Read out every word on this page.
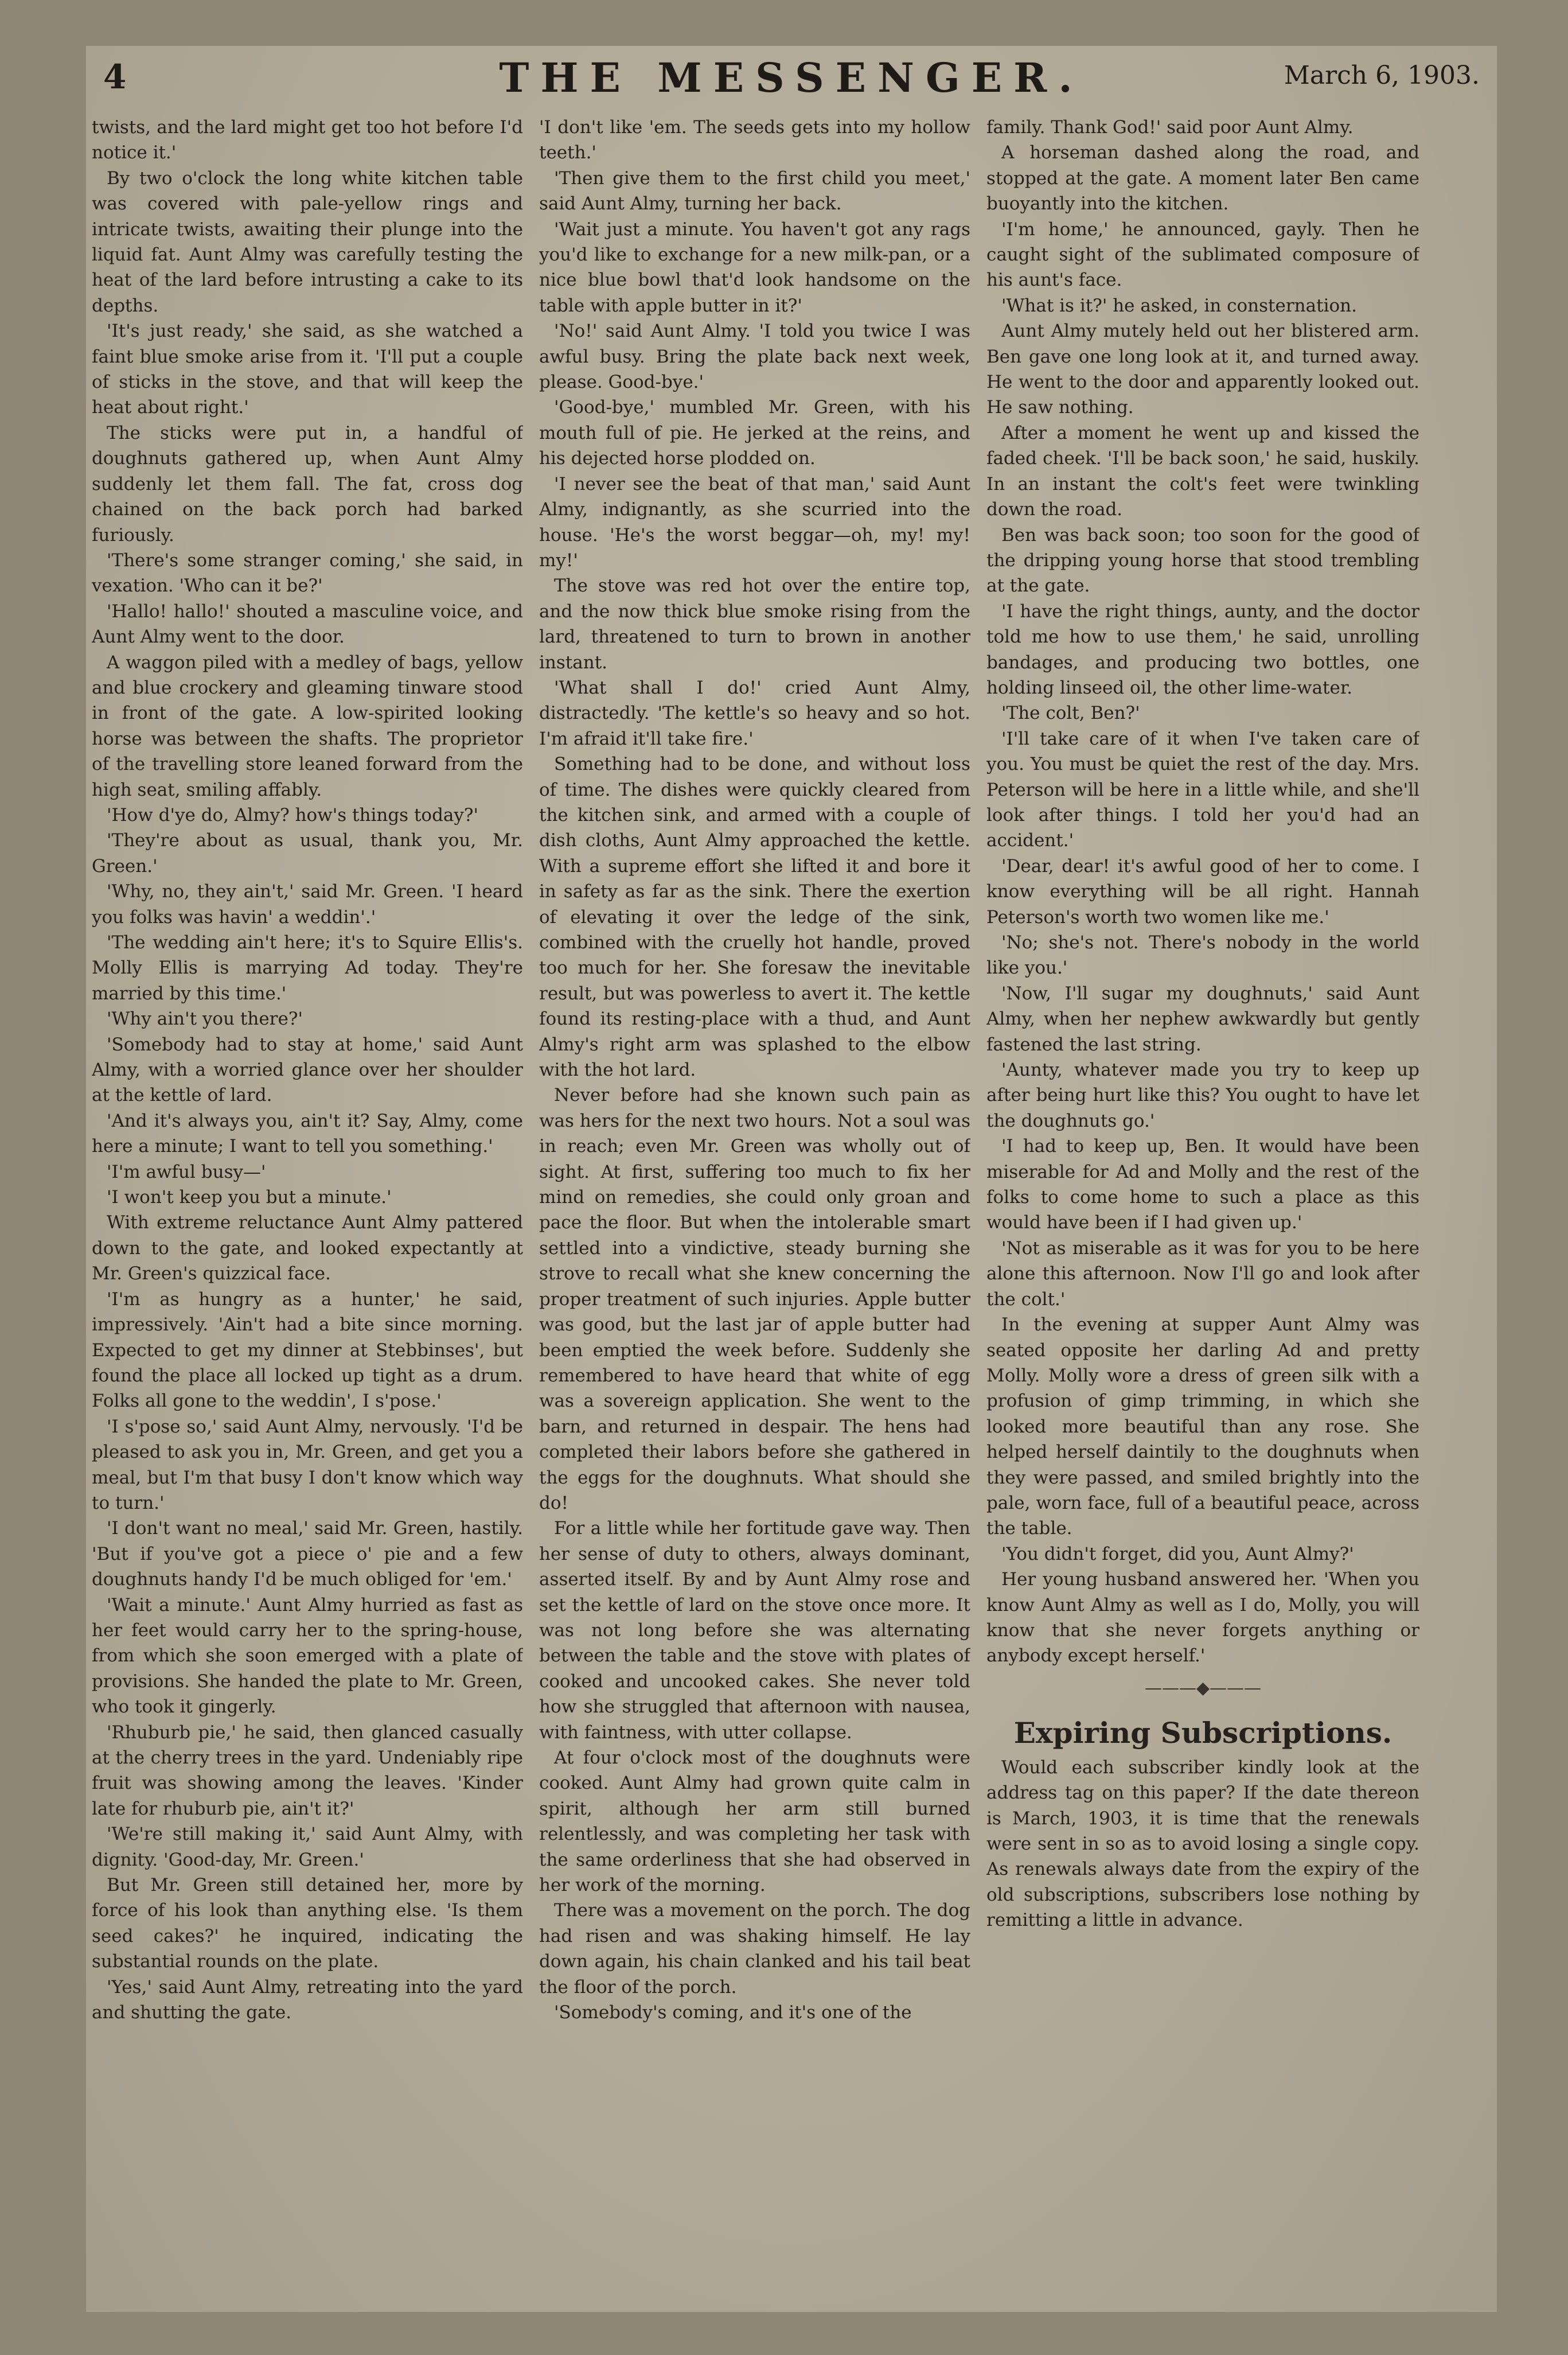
4	THE MESSENGER.	March 6, 1903.

twists, and the lard might get too hot before I'd notice it.'

By two o'clock the long white kitchen table was covered with pale-yellow rings and intricate twists, awaiting their plunge into the liquid fat. Aunt Almy was carefully testing the heat of the lard before intrusting a cake to its depths.

'It's just ready,' she said, as she watched a faint blue smoke arise from it. 'I'll put a couple of sticks in the stove, and that will keep the heat about right.'

The sticks were put in, a handful of doughnuts gathered up, when Aunt Almy suddenly let them fall. The fat, cross dog chained on the back porch had barked furiously.

'There's some stranger coming,' she said, in vexation. 'Who can it be?'

'Hallo! hallo!' shouted a masculine voice, and Aunt Almy went to the door.

A waggon piled with a medley of bags, yellow and blue crockery and gleaming tinware stood in front of the gate. A low-spirited looking horse was between the shafts. The proprietor of the travelling store leaned forward from the high seat, smiling affably.

'How d'ye do, Almy? how's things today?'

'They're about as usual, thank you, Mr. Green.'

'Why, no, they ain't,' said Mr. Green. 'I heard you folks was havin' a weddin'.'

'The wedding ain't here; it's to Squire Ellis's. Molly Ellis is marrying Ad today. They're married by this time.'

'Why ain't you there?'

'Somebody had to stay at home,' said Aunt Almy, with a worried glance over her shoulder at the kettle of lard.

'And it's always you, ain't it? Say, Almy, come here a minute; I want to tell you something.'

'I'm awful busy—'

'I won't keep you but a minute.'

With extreme reluctance Aunt Almy pattered down to the gate, and looked expectantly at Mr. Green's quizzical face.

'I'm as hungry as a hunter,' he said, impressively. 'Ain't had a bite since morning. Expected to get my dinner at Stebbinses', but found the place all locked up tight as a drum. Folks all gone to the weddin', I s'pose.'

'I s'pose so,' said Aunt Almy, nervously. 'I'd be pleased to ask you in, Mr. Green, and get you a meal, but I'm that busy I don't know which way to turn.'

'I don't want no meal,' said Mr. Green, hastily. 'But if you've got a piece o' pie and a few doughnuts handy I'd be much obliged for 'em.'

'Wait a minute.' Aunt Almy hurried as fast as her feet would carry her to the spring-house, from which she soon emerged with a plate of provisions. She handed the plate to Mr. Green, who took it gingerly.

'Rhuburb pie,' he said, then glanced casually at the cherry trees in the yard. Undeniably ripe fruit was showing among the leaves. 'Kinder late for rhuburb pie, ain't it?'

'We're still making it,' said Aunt Almy, with dignity. 'Good-day, Mr. Green.'

But Mr. Green still detained her, more by force of his look than anything else. 'Is them seed cakes?' he inquired, indicating the substantial rounds on the plate.

'Yes,' said Aunt Almy, retreating into the yard and shutting the gate.

'I don't like 'em. The seeds gets into my hollow teeth.'

'Then give them to the first child you meet,' said Aunt Almy, turning her back.

'Wait just a minute. You haven't got any rags you'd like to exchange for a new milk-pan, or a nice blue bowl that'd look handsome on the table with apple butter in it?'

'No!' said Aunt Almy. 'I told you twice I was awful busy. Bring the plate back next week, please. Good-bye.'

'Good-bye,' mumbled Mr. Green, with his mouth full of pie. He jerked at the reins, and his dejected horse plodded on.

'I never see the beat of that man,' said Aunt Almy, indignantly, as she scurried into the house. 'He's the worst beggar—oh, my! my! my!'

The stove was red hot over the entire top, and the now thick blue smoke rising from the lard, threatened to turn to brown in another instant.

'What shall I do!' cried Aunt Almy, distractedly. 'The kettle's so heavy and so hot. I'm afraid it'll take fire.'

Something had to be done, and without loss of time. The dishes were quickly cleared from the kitchen sink, and armed with a couple of dish cloths, Aunt Almy approached the kettle. With a supreme effort she lifted it and bore it in safety as far as the sink. There the exertion of elevating it over the ledge of the sink, combined with the cruelly hot handle, proved too much for her. She foresaw the inevitable result, but was powerless to avert it. The kettle found its resting-place with a thud, and Aunt Almy's right arm was splashed to the elbow with the hot lard.

Never before had she known such pain as was hers for the next two hours. Not a soul was in reach; even Mr. Green was wholly out of sight. At first, suffering too much to fix her mind on remedies, she could only groan and pace the floor. But when the intolerable smart settled into a vindictive, steady burning she strove to recall what she knew concerning the proper treatment of such injuries. Apple butter was good, but the last jar of apple butter had been emptied the week before. Suddenly she remembered to have heard that white of egg was a sovereign application. She went to the barn, and returned in despair. The hens had completed their labors before she gathered in the eggs for the doughnuts. What should she do!

For a little while her fortitude gave way. Then her sense of duty to others, always dominant, asserted itself. By and by Aunt Almy rose and set the kettle of lard on the stove once more. It was not long before she was alternating between the table and the stove with plates of cooked and uncooked cakes. She never told how she struggled that afternoon with nausea, with faintness, with utter collapse.

At four o'clock most of the doughnuts were cooked. Aunt Almy had grown quite calm in spirit, although her arm still burned relentlessly, and was completing her task with the same orderliness that she had observed in her work of the morning.

There was a movement on the porch. The dog had risen and was shaking himself. He lay down again, his chain clanked and his tail beat the floor of the porch.

'Somebody's coming, and it's one of the

family. Thank God!' said poor Aunt Almy.

A horseman dashed along the road, and stopped at the gate. A moment later Ben came buoyantly into the kitchen.

'I'm home,' he announced, gayly. Then he caught sight of the sublimated composure of his aunt's face.

'What is it?' he asked, in consternation.

Aunt Almy mutely held out her blistered arm. Ben gave one long look at it, and turned away. He went to the door and apparently looked out. He saw nothing.

After a moment he went up and kissed the faded cheek. 'I'll be back soon,' he said, huskily. In an instant the colt's feet were twinkling down the road.

Ben was back soon; too soon for the good of the dripping young horse that stood trembling at the gate.

'I have the right things, aunty, and the doctor told me how to use them,' he said, unrolling bandages, and producing two bottles, one holding linseed oil, the other lime-water.

'The colt, Ben?'

'I'll take care of it when I've taken care of you. You must be quiet the rest of the day. Mrs. Peterson will be here in a little while, and she'll look after things. I told her you'd had an accident.'

'Dear, dear! it's awful good of her to come. I know everything will be all right. Hannah Peterson's worth two women like me.'

'No; she's not. There's nobody in the world like you.'

'Now, I'll sugar my doughnuts,' said Aunt Almy, when her nephew awkwardly but gently fastened the last string.

'Aunty, whatever made you try to keep up after being hurt like this? You ought to have let the doughnuts go.'

'I had to keep up, Ben. It would have been miserable for Ad and Molly and the rest of the folks to come home to such a place as this would have been if I had given up.'

'Not as miserable as it was for you to be here alone this afternoon. Now I'll go and look after the colt.'

In the evening at supper Aunt Almy was seated opposite her darling Ad and pretty Molly. Molly wore a dress of green silk with a profusion of gimp trimming, in which she looked more beautiful than any rose. She helped herself daintily to the doughnuts when they were passed, and smiled brightly into the pale, worn face, full of a beautiful peace, across the table.

'You didn't forget, did you, Aunt Almy?'

Her young husband answered her. 'When you know Aunt Almy as well as I do, Molly, you will know that she never forgets anything or anybody except herself.'

———◆———
Expiring Subscriptions.

Would each subscriber kindly look at the address tag on this paper? If the date thereon is March, 1903, it is time that the renewals were sent in so as to avoid losing a single copy. As renewals always date from the expiry of the old subscriptions, subscribers lose nothing by remitting a little in advance.
